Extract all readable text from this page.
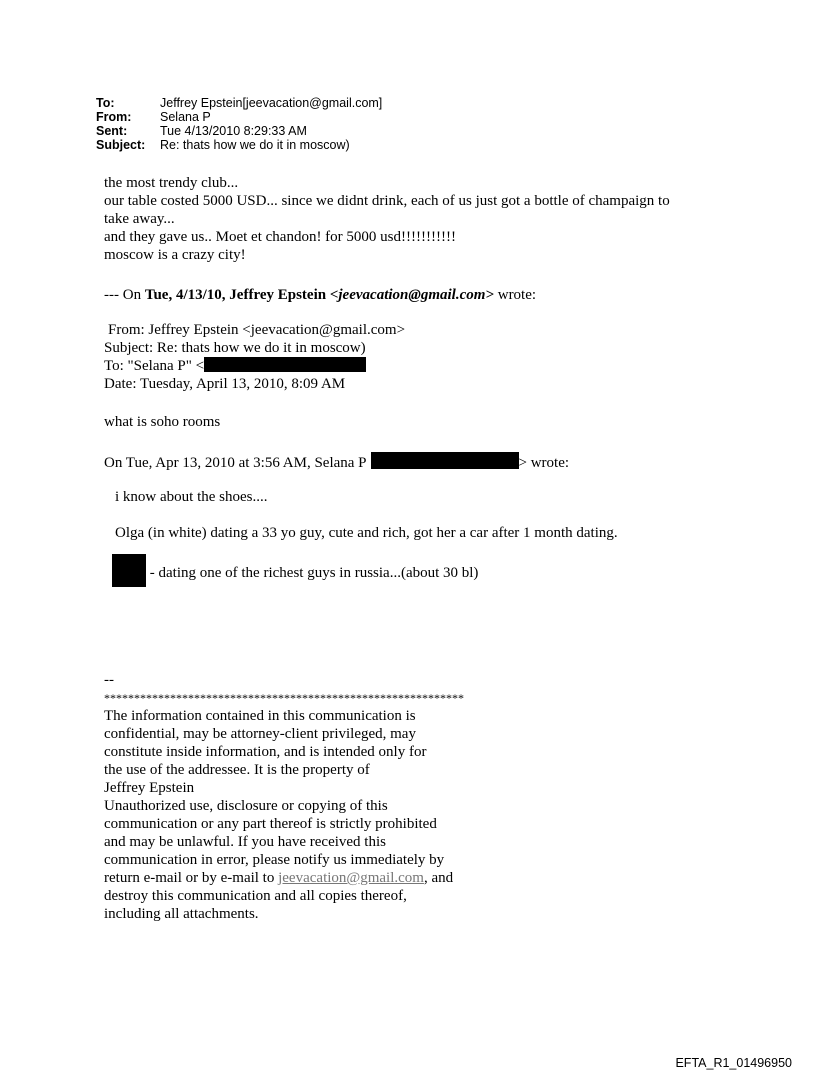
To:	Jeffrey Epstein[jeevacation@gmail.com]
From:	Selana P
Sent:	Tue 4/13/2010 8:29:33 AM
Subject:	Re: thats how we do it in moscow)
the most trendy club...
our table costed 5000 USD... since we didnt drink, each of us just got a bottle of champaign to
take away...
and they gave us.. Moet et chandon! for 5000 usd!!!!!!!!!!!
moscow is a crazy city!
--- On Tue, 4/13/10, Jeffrey Epstein <jeevacation@gmail.com> wrote:
From: Jeffrey Epstein <jeevacation@gmail.com>
Subject: Re: thats how we do it in moscow)
To: "Selana P" <
Date: Tuesday, April 13, 2010, 8:09 AM
what is soho rooms
On Tue, Apr 13, 2010 at 3:56 AM, Selana P	> wrote:
i know about the shoes....
Olga (in white) dating a 33 yo guy, cute and rich, got her a car after 1 month dating.
- dating one of the richest guys in russia...(about 30 bl)
--
************************************************************
The information contained in this communication is
confidential, may be attorney-client privileged, may
constitute inside information, and is intended only for
the use of the addressee. It is the property of
Jeffrey Epstein
Unauthorized use, disclosure or copying of this
communication or any part thereof is strictly prohibited
and may be unlawful. If you have received this
communication in error, please notify us immediately by
return e-mail or by e-mail to jeevacation@gmail.com, and
destroy this communication and all copies thereof,
including all attachments.
EFTA_R1_01496950
